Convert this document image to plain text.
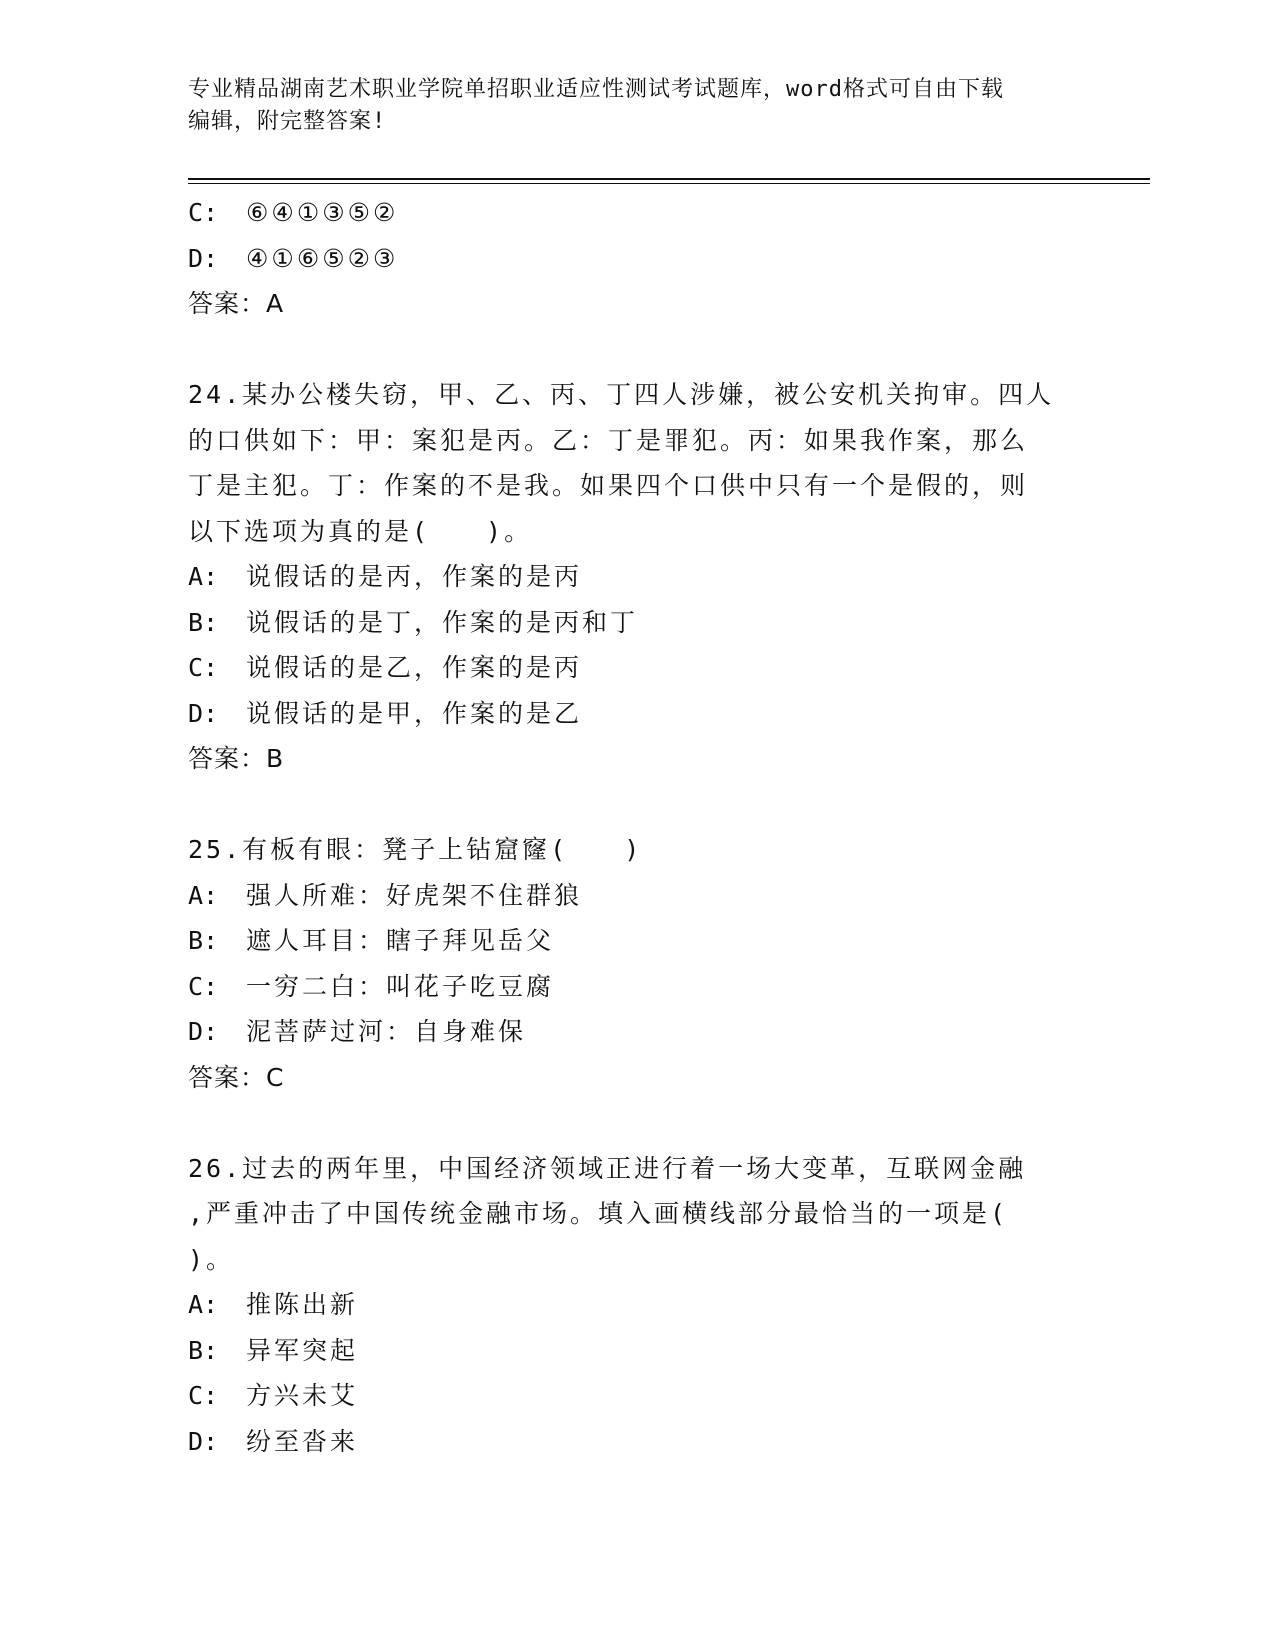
专业精品湖南艺术职业学院单招职业适应性测试考试题库，word格式可自由下载
编辑，附完整答案!
C: ⑥④①③⑤②
D: ④①⑥⑤②③
答案：A
24.某办公楼失窃，甲、乙、丙、丁四人涉嫌，被公安机关拘审。四人
的口供如下：甲：案犯是丙。乙：丁是罪犯。丙：如果我作案，那么
丁是主犯。丁：作案的不是我。如果四个口供中只有一个是假的，则
以下选项为真的是(　　)。
A: 说假话的是丙，作案的是丙
B: 说假话的是丁，作案的是丙和丁
C: 说假话的是乙，作案的是丙
D: 说假话的是甲，作案的是乙
答案：B
25.有板有眼：凳子上钻窟窿(　　)
A: 强人所难：好虎架不住群狼
B: 遮人耳目：瞎子拜见岳父
C: 一穷二白：叫花子吃豆腐
D: 泥菩萨过河：自身难保
答案：C
26.过去的两年里，中国经济领域正进行着一场大变革，互联网金融
,严重冲击了中国传统金融市场。填入画横线部分最恰当的一项是(
)。
A: 推陈出新
B: 异军突起
C: 方兴未艾
D: 纷至沓来
